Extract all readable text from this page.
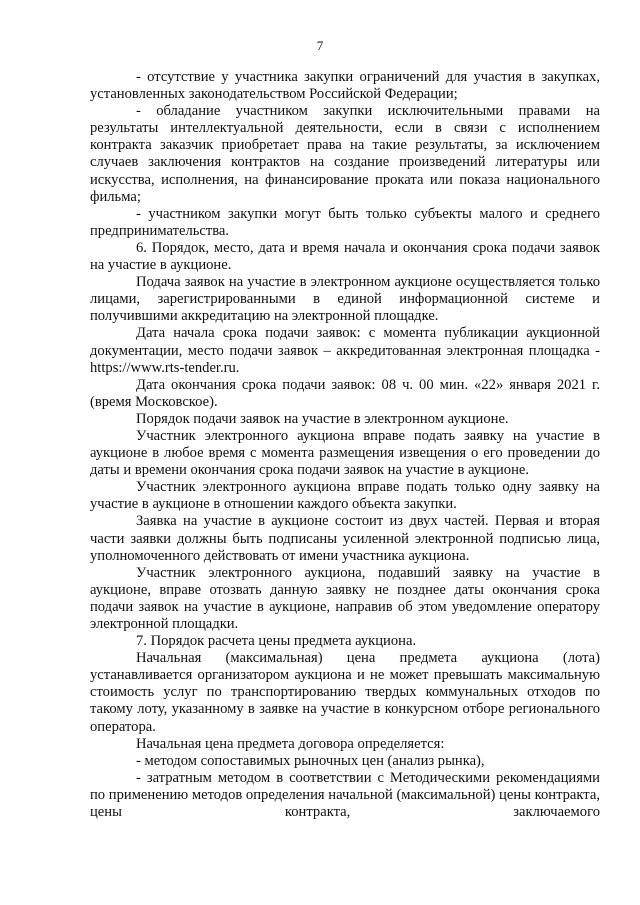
7

- отсутствие у участника закупки ограничений для участия в закупках, установленных законодательством Российской Федерации;

- обладание участником закупки исключительными правами на результаты интеллектуальной деятельности, если в связи с исполнением контракта заказчик приобретает права на такие результаты, за исключением случаев заключения контрактов на создание произведений литературы или искусства, исполнения, на финансирование проката или показа национального фильма;

- участником закупки могут быть только субъекты малого и среднего предпринимательства.

6. Порядок, место, дата и время начала и окончания срока подачи заявок на участие в аукционе.

Подача заявок на участие в электронном аукционе осуществляется только лицами, зарегистрированными в единой информационной системе и получившими аккредитацию на электронной площадке.

Дата начала срока подачи заявок: с момента публикации аукционной документации, место подачи заявок – аккредитованная электронная площадка - https://www.rts-tender.ru.

Дата окончания срока подачи заявок: 08 ч. 00 мин. «22» января 2021 г. (время Московское).

Порядок подачи заявок на участие в электронном аукционе.

Участник электронного аукциона вправе подать заявку на участие в аукционе в любое время с момента размещения извещения о его проведении до даты и времени окончания срока подачи заявок на участие в аукционе.

Участник электронного аукциона вправе подать только одну заявку на участие в аукционе в отношении каждого объекта закупки.

Заявка на участие в аукционе состоит из двух частей. Первая и вторая части заявки должны быть подписаны усиленной электронной подписью лица, уполномоченного действовать от имени участника аукциона.

Участник электронного аукциона, подавший заявку на участие в аукционе, вправе отозвать данную заявку не позднее даты окончания срока подачи заявок на участие в аукционе, направив об этом уведомление оператору электронной площадки.

7. Порядок расчета цены предмета аукциона.

Начальная (максимальная) цена предмета аукциона (лота) устанавливается организатором аукциона и не может превышать максимальную стоимость услуг по транспортированию твердых коммунальных отходов по такому лоту, указанному в заявке на участие в конкурсном отборе регионального оператора.

Начальная цена предмета договора определяется:

- методом сопоставимых рыночных цен (анализ рынка),

- затратным методом в соответствии с Методическими рекомендациями по применению методов определения начальной (максимальной) цены контракта, цены контракта, заключаемого
